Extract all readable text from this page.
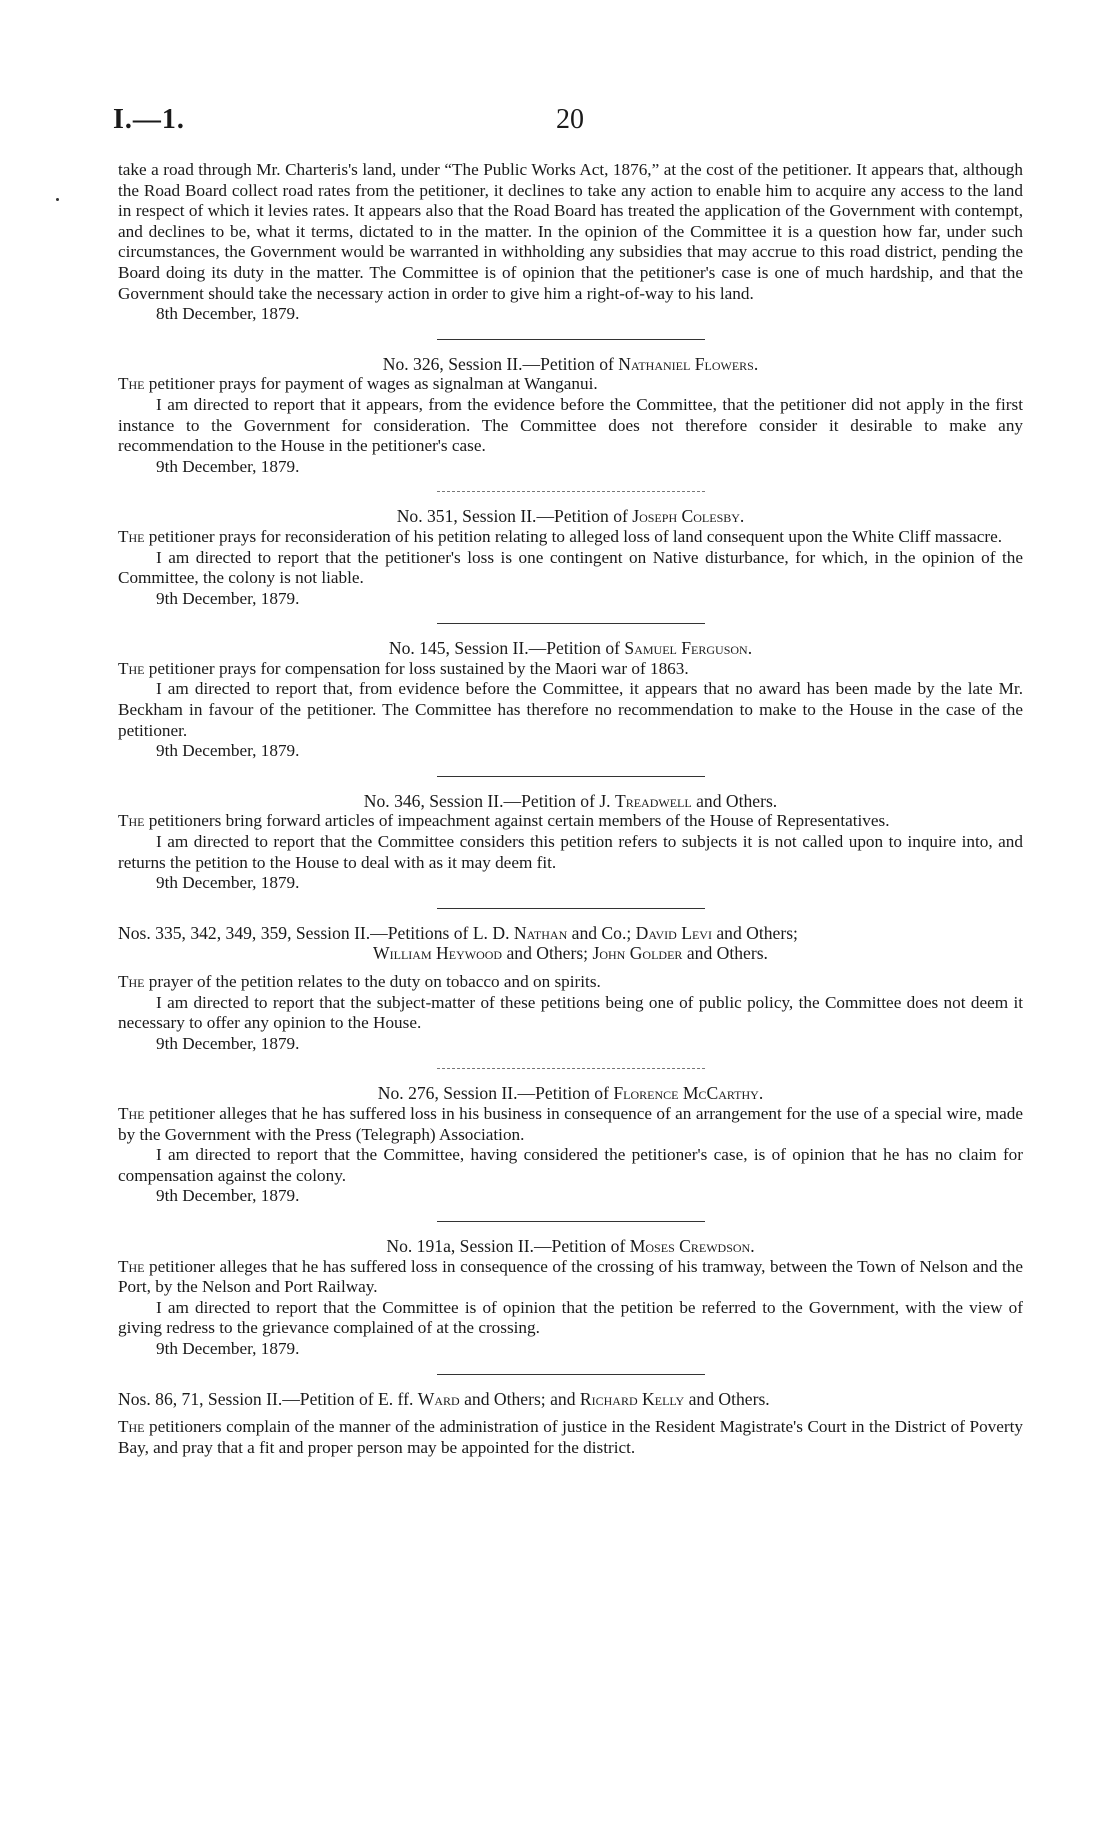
I.—1.	20

take a road through Mr. Charteris's land, under “The Public Works Act, 1876,” at the cost of the petitioner. It appears that, although the Road Board collect road rates from the petitioner, it declines to take any action to enable him to acquire any access to the land in respect of which it levies rates. It appears also that the Road Board has treated the application of the Government with contempt, and declines to be, what it terms, dictated to in the matter. In the opinion of the Committee it is a question how far, under such circumstances, the Government would be warranted in withholding any subsidies that may accrue to this road district, pending the Board doing its duty in the matter. The Committee is of opinion that the petitioner's case is one of much hardship, and that the Government should take the necessary action in order to give him a right-of-way to his land.

8th December, 1879.

No. 326, Session II.—Petition of Nathaniel Flowers.

The petitioner prays for payment of wages as signalman at Wanganui.

I am directed to report that it appears, from the evidence before the Committee, that the petitioner did not apply in the first instance to the Government for consideration. The Committee does not therefore consider it desirable to make any recommendation to the House in the petitioner's case.

9th December, 1879.

No. 351, Session II.—Petition of Joseph Colesby.

The petitioner prays for reconsideration of his petition relating to alleged loss of land consequent upon the White Cliff massacre.

I am directed to report that the petitioner's loss is one contingent on Native disturbance, for which, in the opinion of the Committee, the colony is not liable.

9th December, 1879.

No. 145, Session II.—Petition of Samuel Ferguson.

The petitioner prays for compensation for loss sustained by the Maori war of 1863.

I am directed to report that, from evidence before the Committee, it appears that no award has been made by the late Mr. Beckham in favour of the petitioner. The Committee has therefore no recommendation to make to the House in the case of the petitioner.

9th December, 1879.

No. 346, Session II.—Petition of J. Treadwell and Others.

The petitioners bring forward articles of impeachment against certain members of the House of Representatives.

I am directed to report that the Committee considers this petition refers to subjects it is not called upon to inquire into, and returns the petition to the House to deal with as it may deem fit.

9th December, 1879.

Nos. 335, 342, 349, 359, Session II.—Petitions of L. D. Nathan and Co.; David Levi and Others;

William Heywood and Others; John Golder and Others.

The prayer of the petition relates to the duty on tobacco and on spirits.

I am directed to report that the subject-matter of these petitions being one of public policy, the Committee does not deem it necessary to offer any opinion to the House.

9th December, 1879.

No. 276, Session II.—Petition of Florence McCarthy.

The petitioner alleges that he has suffered loss in his business in consequence of an arrangement for the use of a special wire, made by the Government with the Press (Telegraph) Association.

I am directed to report that the Committee, having considered the petitioner's case, is of opinion that he has no claim for compensation against the colony.

9th December, 1879.

No. 191a, Session II.—Petition of Moses Crewdson.

The petitioner alleges that he has suffered loss in consequence of the crossing of his tramway, between the Town of Nelson and the Port, by the Nelson and Port Railway.

I am directed to report that the Committee is of opinion that the petition be referred to the Government, with the view of giving redress to the grievance complained of at the crossing.

9th December, 1879.

Nos. 86, 71, Session II.—Petition of E. ff. Ward and Others; and Richard Kelly and Others.

The petitioners complain of the manner of the administration of justice in the Resident Magistrate's Court in the District of Poverty Bay, and pray that a fit and proper person may be appointed for the district.
